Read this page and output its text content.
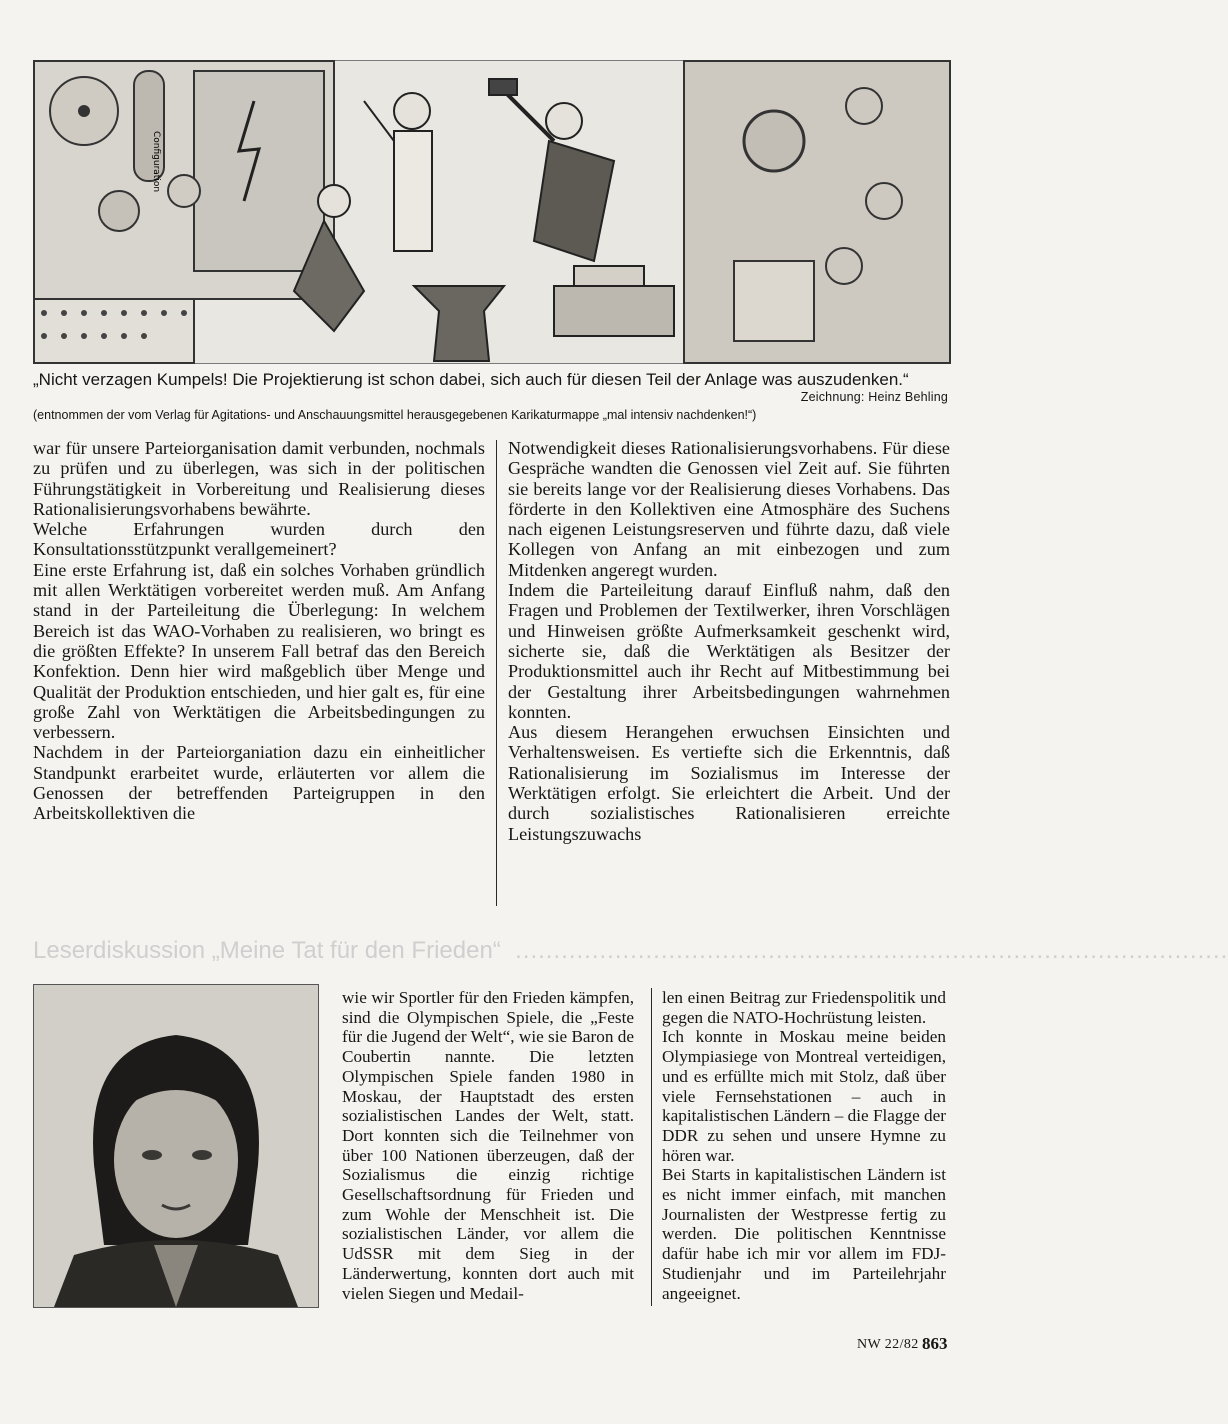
Configuration
„Nicht verzagen Kumpels! Die Projektierung ist schon dabei, sich auch für diesen Teil der Anlage was auszudenken.“
Zeichnung: Heinz Behling
(entnommen der vom Verlag für Agitations- und Anschauungsmittel herausgegebenen Karikaturmappe „mal intensiv nachdenken!“)

war für unsere Parteiorganisation damit verbunden, nochmals zu prüfen und zu überlegen, was sich in der politischen Führungstätigkeit in Vorbereitung und Realisierung dieses Rationalisierungsvorhabens bewährte.

Welche Erfahrungen wurden durch den Konsultationsstützpunkt verallgemeinert?

Eine erste Erfahrung ist, daß ein solches Vorhaben gründlich mit allen Werktätigen vorbereitet werden muß. Am Anfang stand in der Parteileitung die Überlegung: In welchem Bereich ist das WAO-Vorhaben zu realisieren, wo bringt es die größten Effekte? In unserem Fall betraf das den Bereich Konfektion. Denn hier wird maßgeblich über Menge und Qualität der Produktion entschieden, und hier galt es, für eine große Zahl von Werktätigen die Arbeitsbedingungen zu verbessern.

Nachdem in der Parteiorganiation dazu ein einheitlicher Standpunkt erarbeitet wurde, erläuterten vor allem die Genossen der betreffenden Parteigruppen in den Arbeitskollektiven die

Notwendigkeit dieses Rationalisierungsvorhabens. Für diese Gespräche wandten die Genossen viel Zeit auf. Sie führten sie bereits lange vor der Realisierung dieses Vorhabens. Das förderte in den Kollektiven eine Atmosphäre des Suchens nach eigenen Leistungsreserven und führte dazu, daß viele Kollegen von Anfang an mit einbezogen und zum Mitdenken angeregt wurden.

Indem die Parteileitung darauf Einfluß nahm, daß den Fragen und Problemen der Textilwerker, ihren Vorschlägen und Hinweisen größte Aufmerksamkeit geschenkt wird, sicherte sie, daß die Werktätigen als Besitzer der Produktionsmittel auch ihr Recht auf Mitbestimmung bei der Gestaltung ihrer Arbeitsbedingungen wahrnehmen konnten.

Aus diesem Herangehen erwuchsen Einsichten und Verhaltensweisen. Es vertiefte sich die Erkenntnis, daß Rationalisierung im Sozialismus im Interesse der Werktätigen erfolgt. Sie erleichtert die Arbeit. Und der durch sozialistisches Rationalisieren erreichte Leistungszuwachs

Leserdiskussion „Meine Tat für den Frieden“  .............................................................................................

wie wir Sportler für den Frieden kämpfen, sind die Olympischen Spiele, die „Feste für die Jugend der Welt“, wie sie Baron de Coubertin nannte. Die letzten Olympischen Spiele fanden 1980 in Moskau, der Hauptstadt des ersten sozialistischen Landes der Welt, statt. Dort konnten sich die Teilnehmer von über 100 Nationen überzeugen, daß der Sozialismus die einzig richtige Gesellschaftsordnung für Frieden und zum Wohle der Menschheit ist. Die sozialistischen Länder, vor allem die UdSSR mit dem Sieg in der Länderwertung, konnten dort auch mit vielen Siegen und Medail-

len einen Beitrag zur Friedenspolitik und gegen die NATO-Hochrüstung leisten.

Ich konnte in Moskau meine beiden Olympiasiege von Montreal verteidigen, und es erfüllte mich mit Stolz, daß über viele Fernsehstationen – auch in kapitalistischen Ländern – die Flagge der DDR zu sehen und unsere Hymne zu hören war.

Bei Starts in kapitalistischen Ländern ist es nicht immer einfach, mit manchen Journalisten der Westpresse fertig zu werden. Die politischen Kenntnisse dafür habe ich mir vor allem im FDJ-Studienjahr und im Parteilehrjahr angeeignet.

NW 22/82 863
